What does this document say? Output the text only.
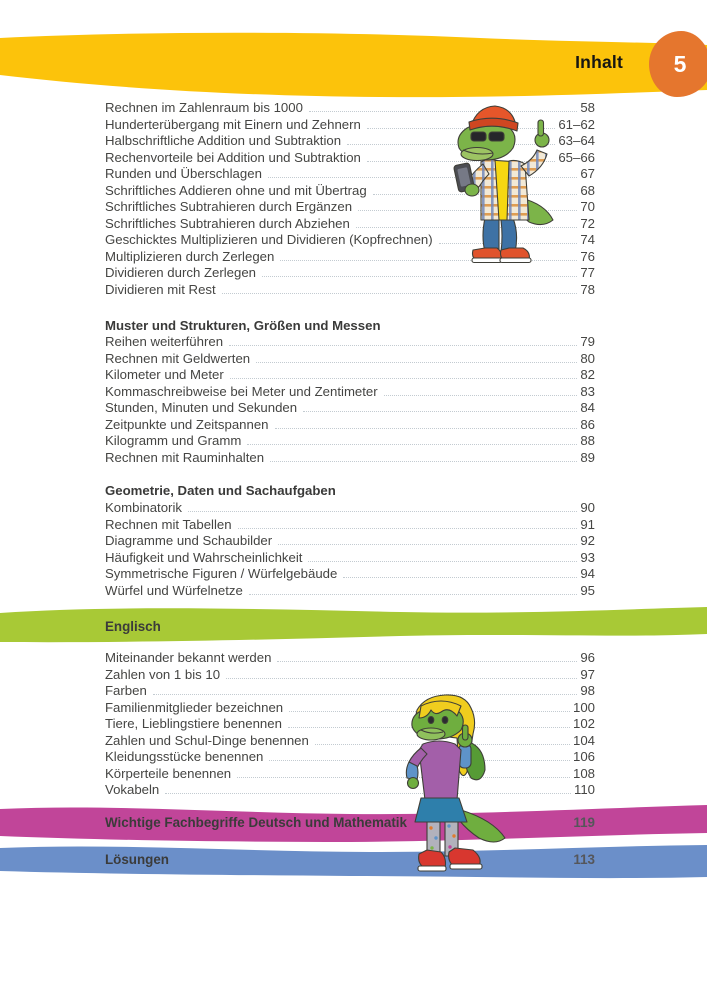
Inhalt 5
Rechnen im Zahlenraum bis 1000	58
Hunderterübergang mit Einern und Zehnern	61–62
Halbschriftliche Addition und Subtraktion	63–64
Rechenvorteile bei Addition und Subtraktion	65–66
Runden und Überschlagen	67
Schriftliches Addieren ohne und mit Übertrag	68
Schriftliches Subtrahieren durch Ergänzen	70
Schriftliches Subtrahieren durch Abziehen	72
Geschicktes Multiplizieren und Dividieren (Kopfrechnen)	74
Multiplizieren durch Zerlegen	76
Dividieren durch Zerlegen	77
Dividieren mit Rest	78
Muster und Strukturen, Größen und Messen
Reihen weiterführen	79
Rechnen mit Geldwerten	80
Kilometer und Meter	82
Kommaschreibweise bei Meter und Zentimeter	83
Stunden, Minuten und Sekunden	84
Zeitpunkte und Zeitspannen	86
Kilogramm und Gramm	88
Rechnen mit Rauminhalten	89
Geometrie, Daten und Sachaufgaben
Kombinatorik	90
Rechnen mit Tabellen	91
Diagramme und Schaubilder	92
Häufigkeit und Wahrscheinlichkeit	93
Symmetrische Figuren / Würfelgebäude	94
Würfel und Würfelnetze	95
Englisch
Miteinander bekannt werden	96
Zahlen von 1 bis 10	97
Farben	98
Familienmitglieder bezeichnen	100
Tiere, Lieblingstiere benennen	102
Zahlen und Schul-Dinge benennen	104
Kleidungsstücke benennen	106
Körperteile benennen	108
Vokabeln	110
Wichtige Fachbegriffe Deutsch und Mathematik	119
Lösungen	113
